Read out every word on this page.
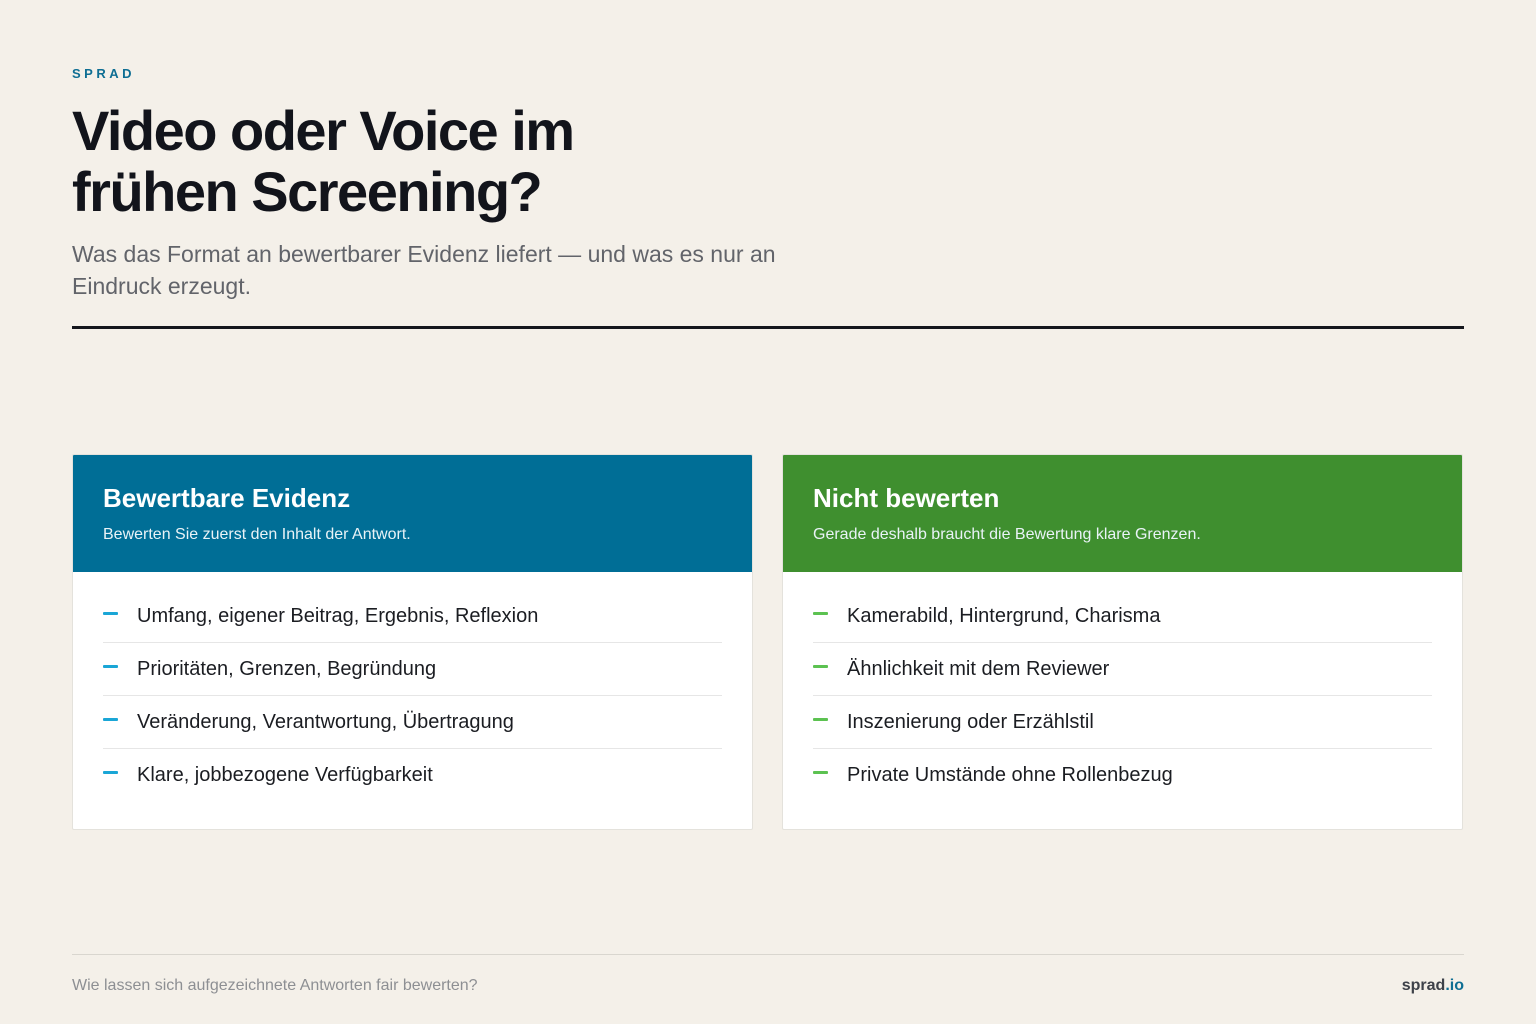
SPRAD
Video oder Voice im frühen Screening?

Was das Format an bewertbarer Evidenz liefert — und was es nur an Eindruck erzeugt.

Bewertbare Evidenz
Bewerten Sie zuerst den Inhalt der Antwort.
Umfang, eigener Beitrag, Ergebnis, Reflexion
Prioritäten, Grenzen, Begründung
Veränderung, Verantwortung, Übertragung
Klare, jobbezogene Verfügbarkeit
Nicht bewerten
Gerade deshalb braucht die Bewertung klare Grenzen.
Kamerabild, Hintergrund, Charisma
Ähnlichkeit mit dem Reviewer
Inszenierung oder Erzählstil
Private Umstände ohne Rollenbezug
Wie lassen sich aufgezeichnete Antworten fair bewerten?	sprad.io
